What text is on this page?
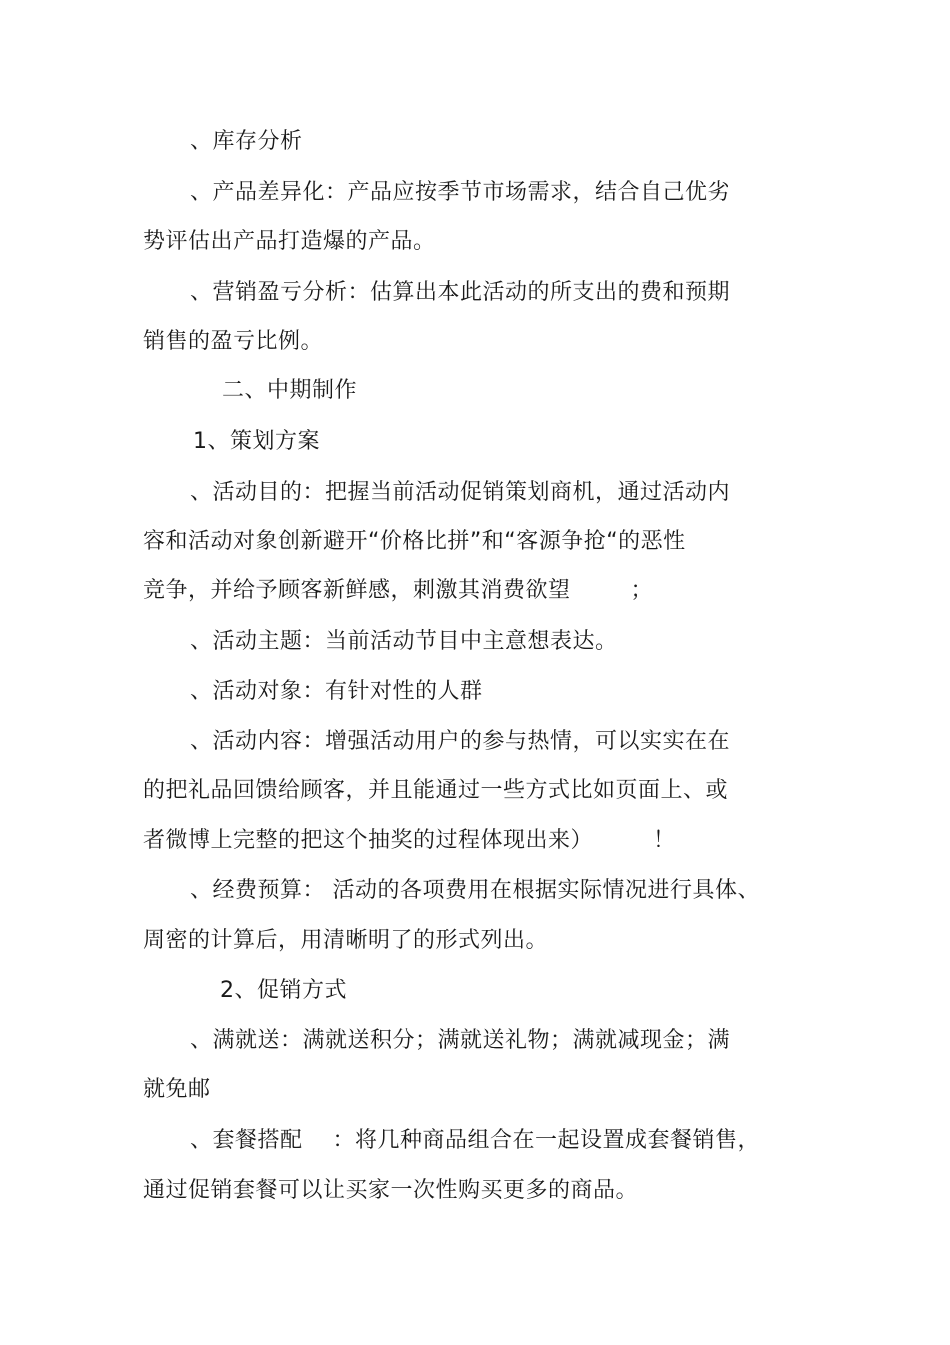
、库存分析
、产品差异化：产品应按季节市场需求，结合自己优劣
势评估出产品打造爆的产品。
、营销盈亏分析：估算出本此活动的所支出的费和预期
销售的盈亏比例。
二、中期制作
1、策划方案
、活动目的：把握当前活动促销策划商机，通过活动内
容和活动对象创新避开“价格比拼”和“客源争抢“的恶性
竞争，并给予顾客新鲜感，刺激其消费欲望        ；
、活动主题：当前活动节目中主意想表达。
、活动对象：有针对性的人群
、活动内容：增强活动用户的参与热情，可以实实在在
的把礼品回馈给顾客，并且能通过一些方式比如页面上、或
者微博上完整的把这个抽奖的过程体现出来）        ！
、经费预算： 活动的各项费用在根据实际情况进行具体、
周密的计算后，用清晰明了的形式列出。
2、促销方式
、满就送：满就送积分；满就送礼物；满就减现金；满
就免邮
、套餐搭配    ：将几种商品组合在一起设置成套餐销售，
通过促销套餐可以让买家一次性购买更多的商品。
